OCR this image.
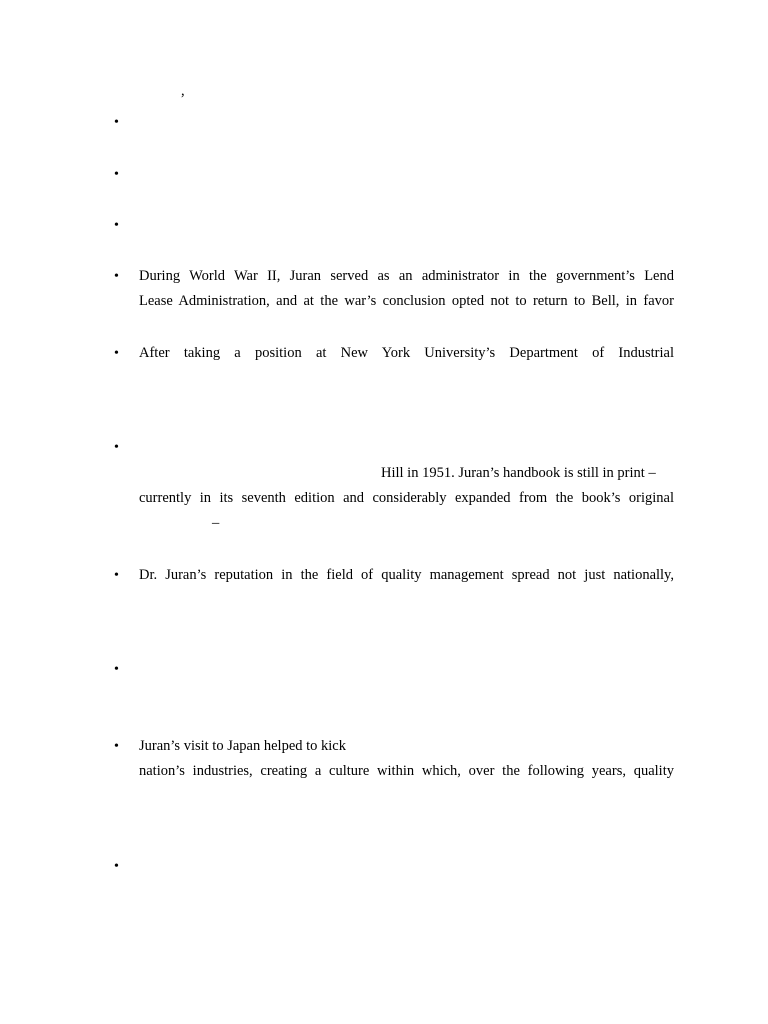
,
•
•
•
•	During World War II, Juran served as an administrator in the government’s Lend
Lease Administration, and at the war’s conclusion opted not to return to Bell, in favor
•	After taking a position at New York University’s Department of Industrial
•
Hill in 1951. Juran’s handbook is still in print –
currently in its seventh edition and considerably expanded from the book’s original
–
•	Dr. Juran’s reputation in the field of quality management spread not just nationally,
•
•	Juran’s visit to Japan helped to kick
nation’s industries, creating a culture within which, over the following years, quality
•
